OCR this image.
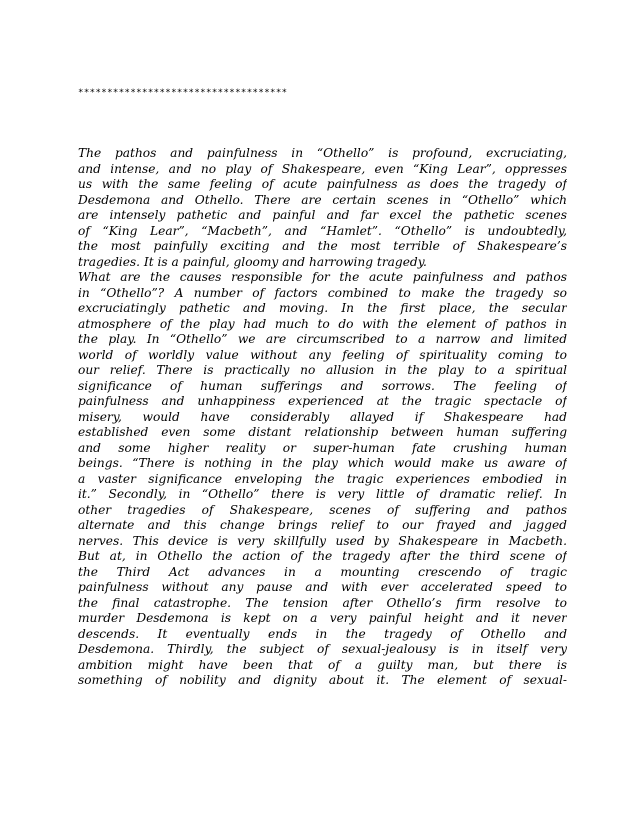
************************************
The pathos and painfulness in “Othello” is profound, excruciating,
and intense, and no play of Shakespeare, even “King Lear”, oppresses
us with the same feeling of acute painfulness as does the tragedy of
Desdemona and Othello. There are certain scenes in “Othello” which
are intensely pathetic and painful and far excel the pathetic scenes
of “King Lear”, “Macbeth”, and “Hamlet”. “Othello” is undoubtedly,
the most painfully exciting and the most terrible of Shakespeare’s
tragedies. It is a painful, gloomy and harrowing tragedy.
What are the causes responsible for the acute painfulness and pathos
in “Othello”? A number of factors combined to make the tragedy so
excruciatingly pathetic and moving. In the first place, the secular
atmosphere of the play had much to do with the element of pathos in
the play. In “Othello” we are circumscribed to a narrow and limited
world of worldly value without any feeling of spirituality coming to
our relief. There is practically no allusion in the play to a spiritual
significance of human sufferings and sorrows. The feeling of
painfulness and unhappiness experienced at the tragic spectacle of
misery, would have considerably allayed if Shakespeare had
established even some distant relationship between human suffering
and some higher reality or super-human fate crushing human
beings. “There is nothing in the play which would make us aware of
a vaster significance enveloping the tragic experiences embodied in
it.” Secondly, in “Othello” there is very little of dramatic relief. In
other tragedies of Shakespeare, scenes of suffering and pathos
alternate and this change brings relief to our frayed and jagged
nerves. This device is very skillfully used by Shakespeare in Macbeth.
But at, in Othello the action of the tragedy after the third scene of
the Third Act advances in a mounting crescendo of tragic
painfulness without any pause and with ever accelerated speed to
the final catastrophe. The tension after Othello’s firm resolve to
murder Desdemona is kept on a very painful height and it never
descends. It eventually ends in the tragedy of Othello and
Desdemona. Thirdly, the subject of sexual-jealousy is in itself very
ambition might have been that of a guilty man, but there is
something of nobility and dignity about it. The element of sexual-
